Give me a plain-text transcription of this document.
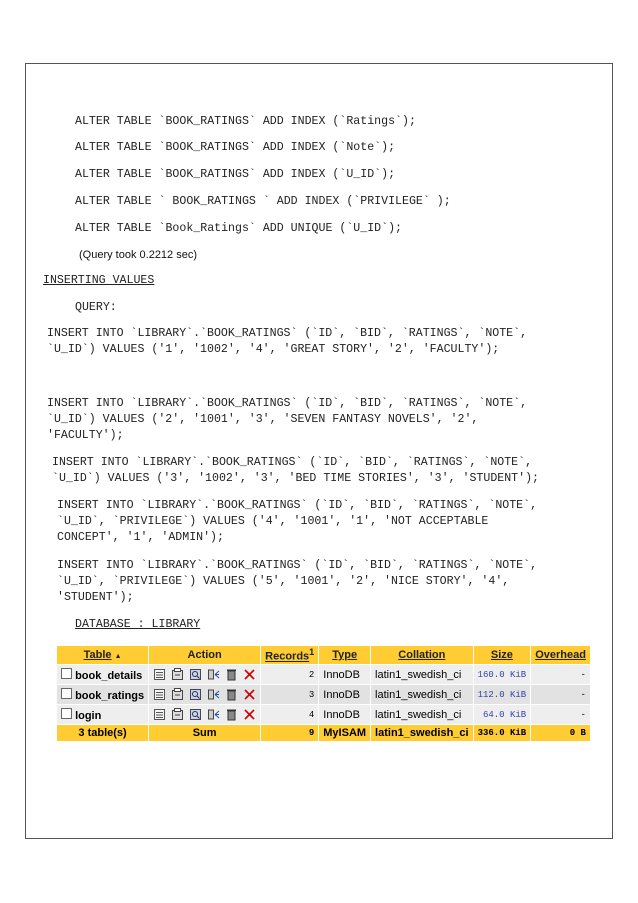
ALTER TABLE `BOOK_RATINGS` ADD INDEX (`Ratings`);
ALTER TABLE `BOOK_RATINGS` ADD INDEX (`Note`);
ALTER TABLE `BOOK_RATINGS` ADD INDEX (`U_ID`);
ALTER TABLE ` BOOK_RATINGS ` ADD INDEX (`PRIVILEGE` );
ALTER TABLE `Book_Ratings` ADD UNIQUE (`U_ID`);
(Query took 0.2212 sec)
INSERTING VALUES
QUERY:
INSERT INTO `LIBRARY`.`BOOK_RATINGS` (`ID`, `BID`, `RATINGS`, `NOTE`,
`U_ID`) VALUES ('1', '1002', '4', 'GREAT STORY', '2', 'FACULTY');
INSERT INTO `LIBRARY`.`BOOK_RATINGS` (`ID`, `BID`, `RATINGS`, `NOTE`,
`U_ID`) VALUES ('2', '1001', '3', 'SEVEN FANTASY NOVELS', '2',
'FACULTY');
INSERT INTO `LIBRARY`.`BOOK_RATINGS` (`ID`, `BID`, `RATINGS`, `NOTE`,
`U_ID`) VALUES ('3', '1002', '3', 'BED TIME STORIES', '3', 'STUDENT');
INSERT INTO `LIBRARY`.`BOOK_RATINGS` (`ID`, `BID`, `RATINGS`, `NOTE`,
`U_ID`, `PRIVILEGE`) VALUES ('4', '1001', '1', 'NOT ACCEPTABLE
CONCEPT', '1', 'ADMIN');
INSERT INTO `LIBRARY`.`BOOK_RATINGS` (`ID`, `BID`, `RATINGS`, `NOTE`,
`U_ID`, `PRIVILEGE`) VALUES ('5', '1001', '2', 'NICE STORY', '4',
'STUDENT');
DATABASE : LIBRARY
Table ▲	Action	Records$^1$	Type	Collation	Size	Overhead
book_details		2	InnoDB	latin1_swedish_ci	160.0 KiB	-
book_ratings		3	InnoDB	latin1_swedish_ci	112.0 KiB	-
login		4	InnoDB	latin1_swedish_ci	64.0 KiB	-
3 table(s)	Sum	9	MyISAM	latin1_swedish_ci	336.0 KiB	0 B
